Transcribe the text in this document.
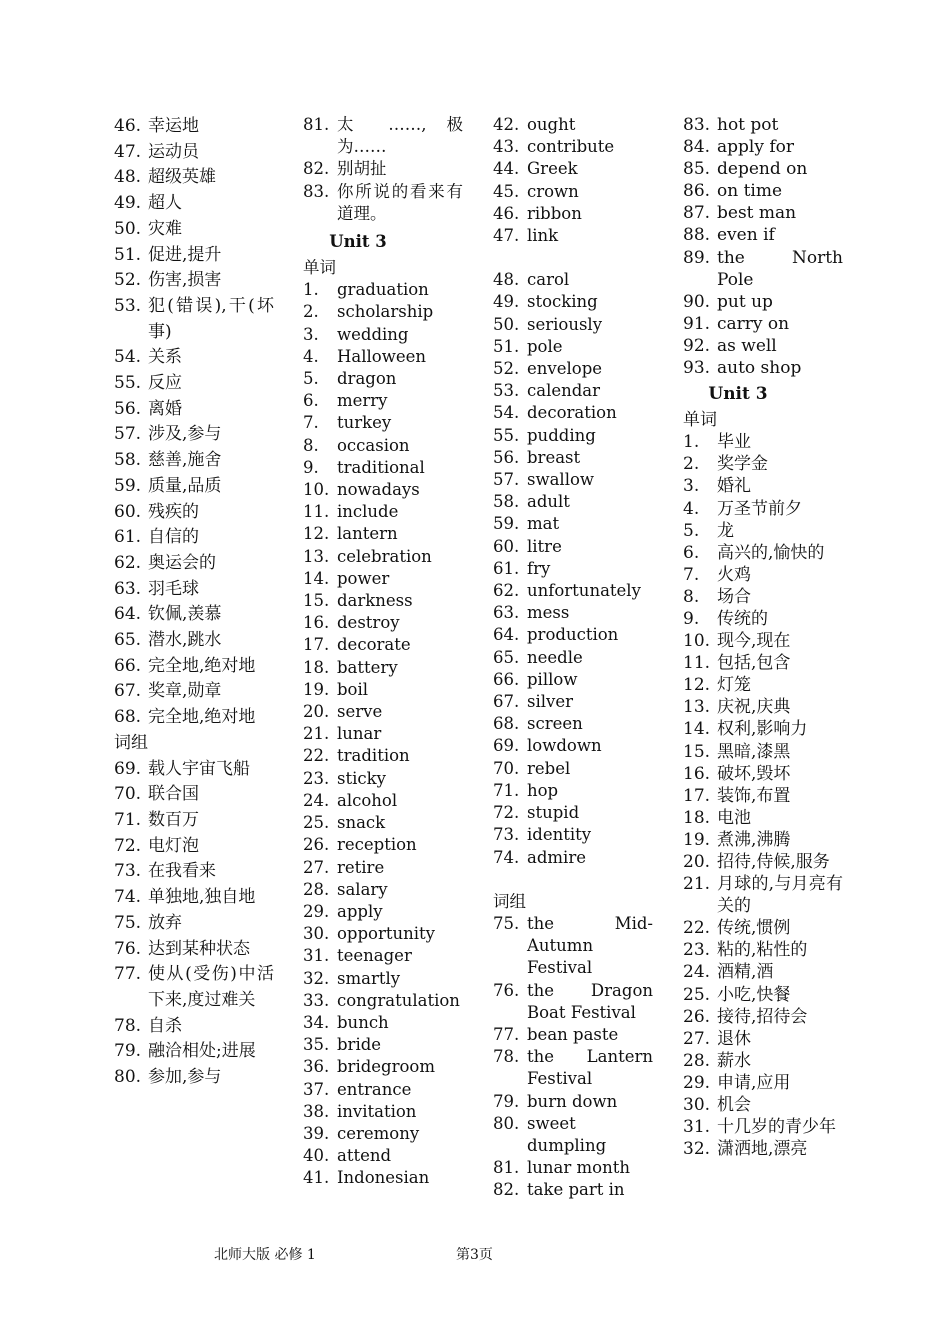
46. 幸运地
47. 运动员
48. 超级英雄
49. 超人
50. 灾难
51. 促进,提升
52. 伤害,损害
53. 犯(错误),干(坏事)
54. 关系
55. 反应
56. 离婚
57. 涉及,参与
58. 慈善,施舍
59. 质量,品质
60. 残疾的
61. 自信的
62. 奥运会的
63. 羽毛球
64. 钦佩,羡慕
65. 潜水,跳水
66. 完全地,绝对地
67. 奖章,勋章
68. 完全地,绝对地
词组
69. 载人宇宙飞船
70. 联合国
71. 数百万
72. 电灯泡
73. 在我看来
74. 单独地,独自地
75. 放弃
76. 达到某种状态
77. 使从(受伤)中活下来,度过难关
78. 自杀
79. 融洽相处;进展
80. 参加,参与
81. 太 ……, 极为……
82. 别胡扯
83. 你所说的看来有道理。
Unit 3
单词
1.	graduation
2.	scholarship
3.	wedding
4.	Halloween
5.	dragon
6.	merry
7.	turkey
8.	occasion
9.	traditional
10. nowadays
11. include
12. lantern
13. celebration
14. power
15. darkness
16. destroy
17. decorate
18. battery
19. boil
20. serve
21. lunar
22. tradition
23. sticky
24. alcohol
25. snack
26. reception
27. retire
28. salary
29. apply
30. opportunity
31. teenager
32. smartly
33. congratulation
34. bunch
35. bride
36. bridegroom
37. entrance
38. invitation
39. ceremony
40. attend
41. Indonesian
42. ought
43. contribute
44. Greek
45. crown
46. ribbon
47. link
48. carol
49. stocking
50. seriously
51. pole
52. envelope
53. calendar
54. decoration
55. pudding
56. breast
57. swallow
58. adult
59. mat
60. litre
61. fry
62. unfortunately
63. mess
64. production
65. needle
66. pillow
67. silver
68. screen
69. lowdown
70. rebel
71. hop
72. stupid
73. identity
74. admire
词组
75. the Mid-Autumn Festival
76. the Dragon Boat Festival
77. bean paste
78. the Lantern Festival
79. burn down
80. sweet dumpling
81. lunar month
82. take part in
83. hot pot
84. apply for
85. depend on
86. on time
87. best man
88. even if
89. the North Pole
90. put up
91. carry on
92. as well
93. auto shop
Unit 3
单词
1.	毕业
2.	奖学金
3.	婚礼
4.	万圣节前夕
5.	龙
6.	高兴的,愉快的
7.	火鸡
8.	场合
9.	传统的
10. 现今,现在
11. 包括,包含
12. 灯笼
13. 庆祝,庆典
14. 权利,影响力
15. 黑暗,漆黑
16. 破坏,毁坏
17. 装饰,布置
18. 电池
19. 煮沸,沸腾
20. 招待,侍候,服务
21. 月球的,与月亮有关的
22. 传统,惯例
23. 粘的,粘性的
24. 酒精,酒
25. 小吃,快餐
26. 接待,招待会
27. 退休
28. 薪水
29. 申请,应用
30. 机会
31. 十几岁的青少年
32. 潇洒地,漂亮
北师大版 必修 1	第3页
